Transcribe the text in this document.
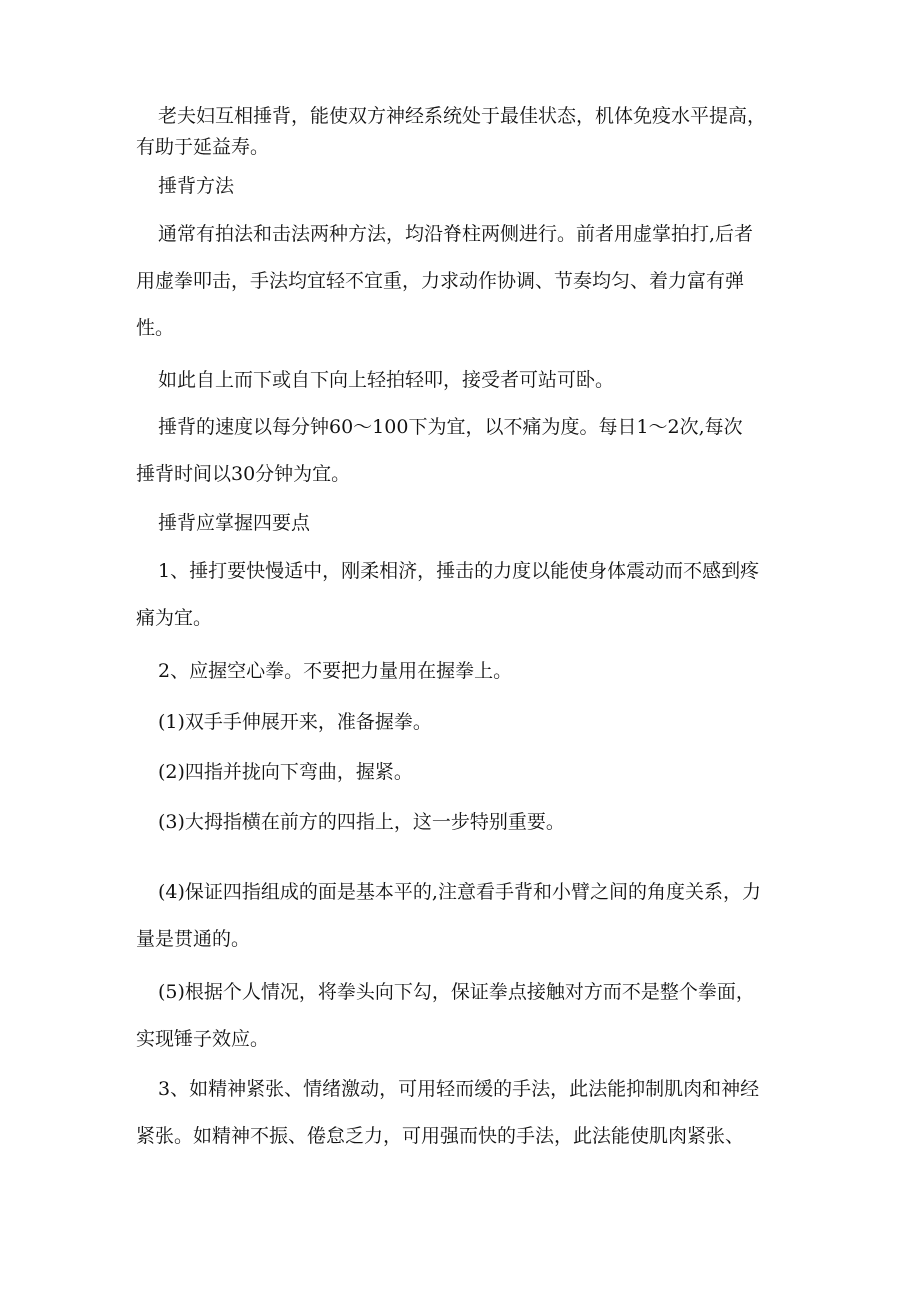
老夫妇互相捶背，能使双方神经系统处于最佳状态，机体免疫水平提高，
有助于延益寿。

捶背方法

通常有拍法和击法两种方法，均沿脊柱两侧进行。前者用虚掌拍打,后者
用虚拳叩击，手法均宜轻不宜重，力求动作协调、节奏均匀、着力富有弹
性。

如此自上而下或自下向上轻拍轻叩，接受者可站可卧。

捶背的速度以每分钟60～100下为宜，以不痛为度。每日1～2次,每次
捶背时间以30分钟为宜。

捶背应掌握四要点

1、捶打要快慢适中，刚柔相济，捶击的力度以能使身体震动而不感到疼
痛为宜。

2、应握空心拳。不要把力量用在握拳上。

(1)双手手伸展开来，准备握拳。

(2)四指并拢向下弯曲，握紧。

(3)大拇指横在前方的四指上，这一步特别重要。

(4)保证四指组成的面是基本平的,注意看手背和小臂之间的角度关系，力
量是贯通的。

(5)根据个人情况，将拳头向下勾，保证拳点接触对方而不是整个拳面，
实现锤子效应。

3、如精神紧张、情绪激动，可用轻而缓的手法，此法能抑制肌肉和神经
紧张。如精神不振、倦怠乏力，可用强而快的手法，此法能使肌肉紧张、
